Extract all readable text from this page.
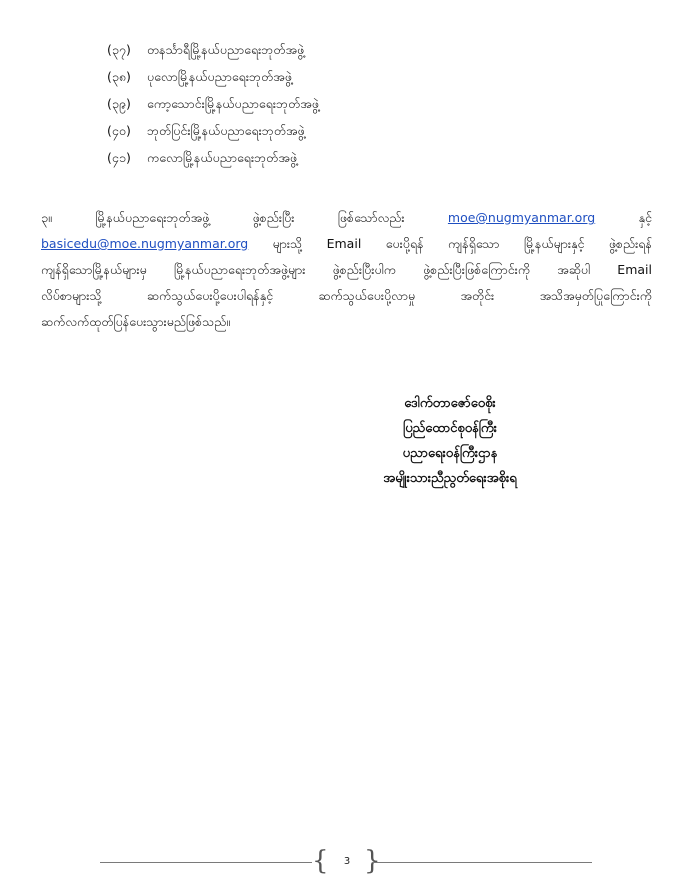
(၃၇) တနင်္သာရီမြို့နယ်ပညာရေးဘုတ်အဖွဲ့
(၃၈) ပုလောမြို့နယ်ပညာရေးဘုတ်အဖွဲ့
(၃၉) ကော့သောင်းမြို့နယ်ပညာရေးဘုတ်အဖွဲ့
(၄၀) ဘုတ်ပြင်းမြို့နယ်ပညာရေးဘုတ်အဖွဲ့
(၄၁) ကလောမြို့နယ်ပညာရေးဘုတ်အဖွဲ့
၃။	မြို့နယ်ပညာရေးဘုတ်အဖွဲ့	ဖွဲ့စည်းပြီး	ဖြစ်သော်လည်း	moe@nugmyanmar.org	နှင့်
basicedu@moe.nugmyanmar.org များသို့ Email ပေးပို့ရန် ကျန်ရှိသော မြို့နယ်များနှင့် ဖွဲ့စည်းရန်
ကျန်ရှိသောမြို့နယ်များမှ မြို့နယ်ပညာရေးဘုတ်အဖွဲ့များ ဖွဲ့စည်းပြီးပါက ဖွဲ့စည်းပြီးဖြစ်ကြောင်းကို အဆိုပါ Email
လိပ်စာများသို့	ဆက်သွယ်ပေးပို့ပေးပါရန်နှင့်	ဆက်သွယ်ပေးပို့လာမှု	အတိုင်း	အသိအမှတ်ပြုကြောင်းကို
ဆက်လက်ထုတ်ပြန်ပေးသွားမည်ဖြစ်သည်။
ဒေါက်တာဇော်ဝေစိုး
ပြည်ထောင်စုဝန်ကြီး
ပညာရေးဝန်ကြီးဌာန
အမျိုးသားညီညွတ်ရေးအစိုးရ
{	3 }
